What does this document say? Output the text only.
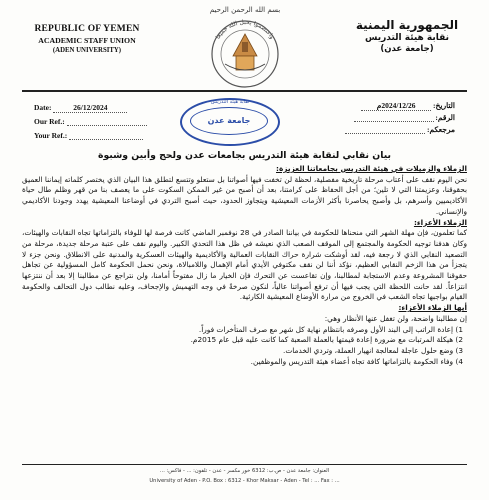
REPUBLIC OF YEMEN
ACADEMIC STAFF UNION
(ADEN UNIVERSITY)
بسم الله الرحمن الرحيم
واعتصموا بحبل الله جميعا
الجمهورية اليمنية
نقابة هيئة التدريس
(جامعة عدن)
Date:	26/12/2024
Our Ref.:
Your Ref.:
نقابة هيئة التدريس
جامعة عدن
التاريخ: 2024/12/26م
الرقم:
مرجعكم:

بيان نقابي لنقابة هيئة التدريس بجامعات عدن ولحج وأبين وشبوة

الزملاء والزميلات في هيئة التدريس بجامعاتنا العزيزة:

نحن اليوم نقف على أعتاب مرحلة تاريخية مفصلية، لحظة لن تخفت فيها أصواتنا بل ستعلو وتتسع لتطلق هذا البيان الذي يختصر كلماته إيماننا العميق بحقوقنا، وعزيمتنا التي لا تلين؛ من أجل الحفاظ على كرامتنا، بعد أن أصبح من غير الممكن السكوت على ما يعصف بنا من قهر وظلم طال حياة الأكاديميين وأسرهم، بل وأصبح يحاصرنا بأكثر الأزمات المعيشية ويتجاوز الحدود، حيث أصبح التردي في أوضاعنا المعيشية يهدد وجودنا الأكاديمي والإنساني.

الزملاء الأعزاء:

كما تعلمون، فإن مهلة الشهر التي منحناها للحكومة في بياننا الصادر في 28 نوفمبر الماضي كانت فرصة لها للوفاء بالتزاماتها تجاه النقابات والهيئات، وكان هدفنا توجيه الحكومة والمجتمع إلى الموقف الصعب الذي نعيشه في ظل هذا التحدي الكبير. واليوم نقف على عتبة مرحلة جديدة، مرحلة من التصعيد النقابي الذي لا رجعة فيه، لقد أوشكت شرارة حراك النقابات العمالية والأكاديمية والهيئات العسكرية والمدنية على الانطلاق. ونحن جزء لا يتجزأ من هذا الزخم النقابي العظيم، نؤكد أننا لن نقف مكتوفي الأيدي أمام الإهمال واللامبالاة، ونحن نحمل الحكومة كامل المسؤولية عن تجاهل حقوقنا المشروعة وعدم الاستجابة لمطالبنا، وإن تقاعست عن التحرك فإن الخيار ما زال مفتوحاً أمامنا، ولن نتراجع عن مطالبنا إلا بعد أن ننتزعها انتزاعاً. لقد حانت اللحظة التي يجب فيها أن ترفع أصواتنا عالياً، لنكون صرخةً في وجه التهميش والإجحاف، وعليه نطالب دول التحالف والحكومة القيام بواجبها تجاه الشعب في الخروج من مرارة الأوضاع المعيشية الكارثية.

أيها الزملاء الأعزاء:

إن مطالبنا واضحة، ولن تغفل عنها الأنظار وهي:

1) إعادة الراتب إلى البند الأول وصرفه بانتظام نهاية كل شهر مع صرف المتأخرات فوراً.

2) هيكلة المرتبات مع ضرورة إعادة قيمتها بالعملة الصعبة كما كانت عليه قبل عام 2015م.

3) وضع حلول عاجلة لمعالجة انهيار العملة، وتردي الخدمات.

4) وفاء الحكومة بالتزاماتها كافة تجاه أعضاء هيئة التدريس والموظفين.

العنوان: جامعة عدن - ص.ب: 6312 خور مكسر - عدن - تلفون: ... - فاكس: ...
University of Aden - P.O. Box : 6312 - Khor Maksar - Aden - Tel : ... Fax : ...
